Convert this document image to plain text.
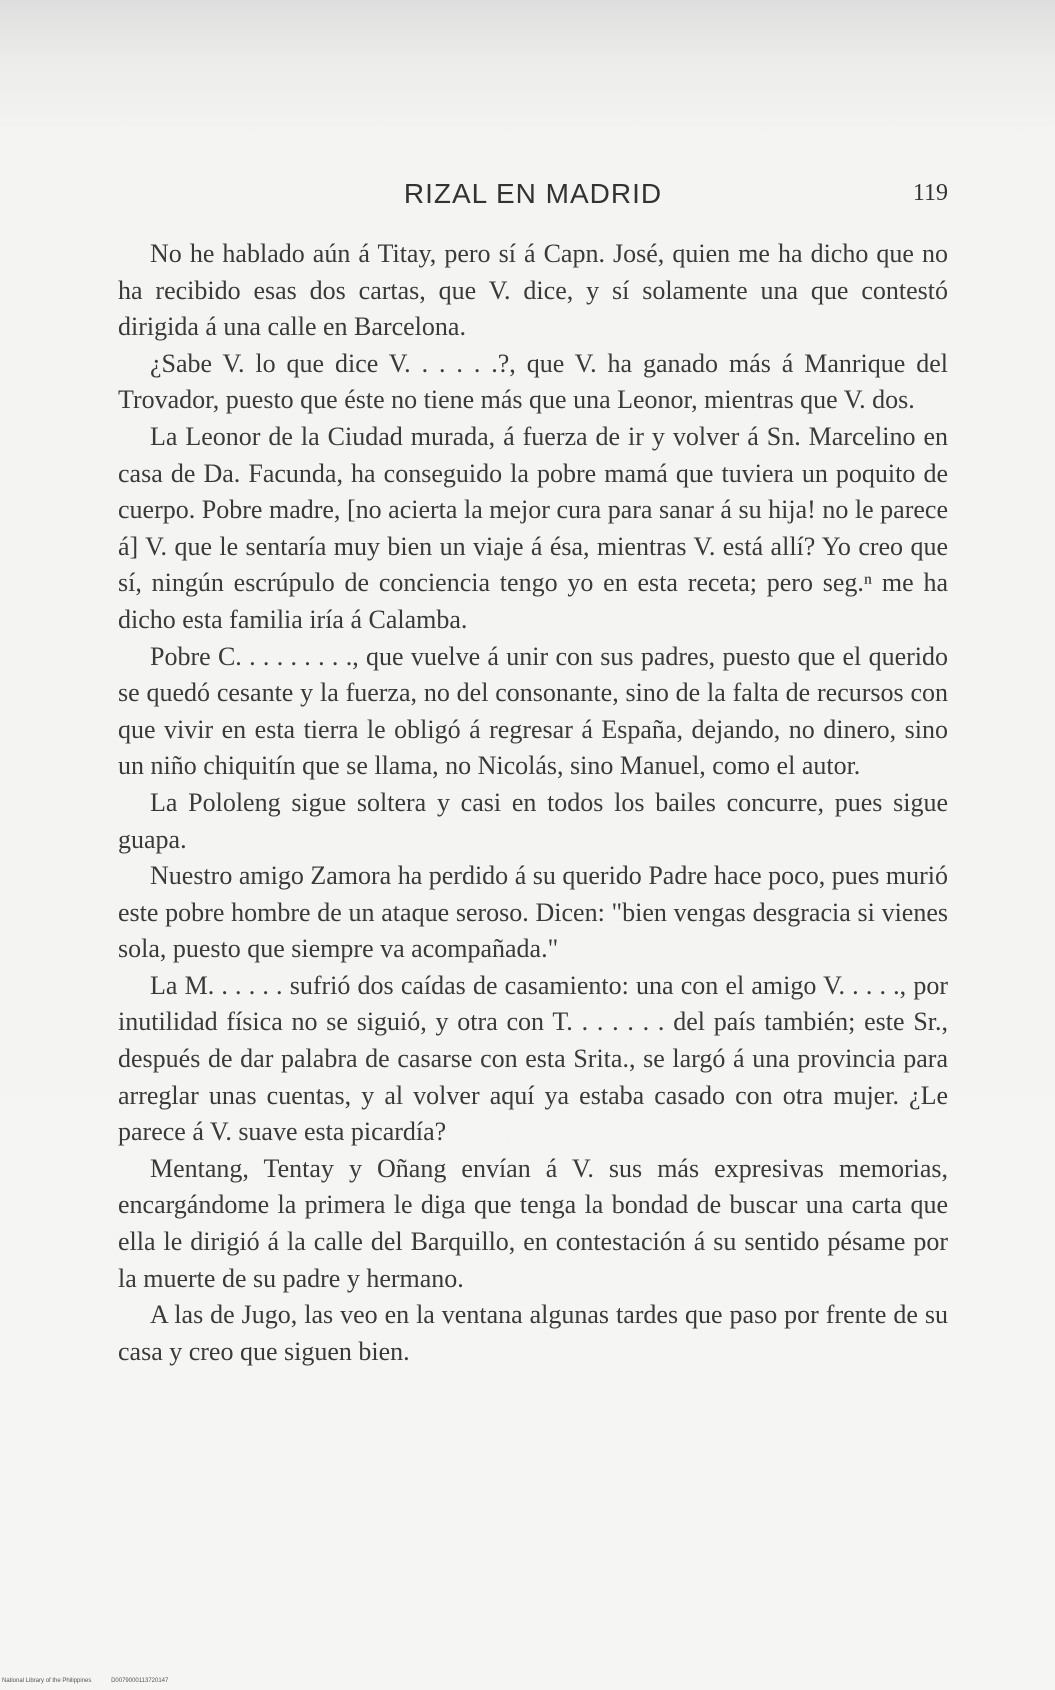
RIZAL EN MADRID	119

No he hablado aún á Titay, pero sí á Capn. José, quien me ha dicho que no ha recibido esas dos cartas, que V. dice, y sí solamente una que contestó dirigida á una calle en Barcelona.

¿Sabe V. lo que dice V. . . . . .?, que V. ha ganado más á Manrique del Trovador, puesto que éste no tiene más que una Leonor, mientras que V. dos.

La Leonor de la Ciudad murada, á fuerza de ir y volver á Sn. Marcelino en casa de Da. Facunda, ha conseguido la pobre mamá que tuviera un poquito de cuerpo. Pobre madre, [no acierta la mejor cura para sanar á su hija! no le parece á] V. que le sentaría muy bien un viaje á ésa, mientras V. está allí? Yo creo que sí, ningún escrúpulo de conciencia tengo yo en esta receta; pero seg.ⁿ me ha dicho esta familia iría á Calamba.

Pobre C. . . . . . . . ., que vuelve á unir con sus padres, puesto que el querido se quedó cesante y la fuerza, no del consonante, sino de la falta de recursos con que vivir en esta tierra le obligó á regresar á España, dejando, no dinero, sino un niño chiquitín que se llama, no Nicolás, sino Manuel, como el autor.

La Pololeng sigue soltera y casi en todos los bailes concurre, pues sigue guapa.

Nuestro amigo Zamora ha perdido á su querido Padre hace poco, pues murió este pobre hombre de un ataque seroso. Dicen: "bien vengas desgracia si vienes sola, puesto que siempre va acompañada."

La M. . . . . . sufrió dos caídas de casamiento: una con el amigo V. . . . ., por inutilidad física no se siguió, y otra con T. . . . . . . del país también; este Sr., después de dar palabra de casarse con esta Srita., se largó á una provincia para arreglar unas cuentas, y al volver aquí ya estaba casado con otra mujer. ¿Le parece á V. suave esta picardía?

Mentang, Tentay y Oñang envían á V. sus más expresivas memorias, encargándome la primera le diga que tenga la bondad de buscar una carta que ella le dirigió á la calle del Barquillo, en contestación á su sentido pésame por la muerte de su padre y hermano.

A las de Jugo, las veo en la ventana algunas tardes que paso por frente de su casa y creo que siguen bien.

National Library of the Philippines	D0079000113720147
